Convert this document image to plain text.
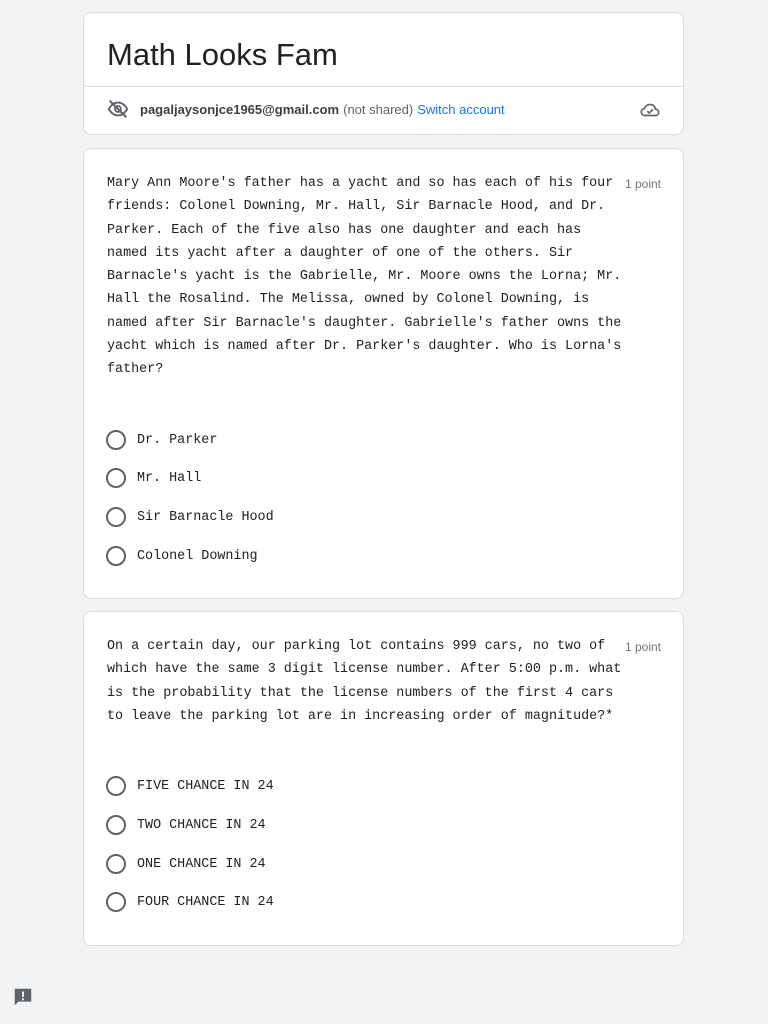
Math Looks Fam
pagaljaysonjce1965@gmail.com (not shared) Switch account
Mary Ann Moore's father has a yacht and so has each of his four friends: Colonel Downing, Mr. Hall, Sir Barnacle Hood, and Dr. Parker. Each of the five also has one daughter and each has named its yacht after a daughter of one of the others. Sir Barnacle's yacht is the Gabrielle, Mr. Moore owns the Lorna; Mr. Hall the Rosalind. The Melissa, owned by Colonel Downing, is named after Sir Barnacle's daughter. Gabrielle's father owns the yacht which is named after Dr. Parker's daughter. Who is Lorna's father?
1 point
Dr. Parker
Mr. Hall
Sir Barnacle Hood
Colonel Downing
On a certain day, our parking lot contains 999 cars, no two of which have the same 3 digit license number. After 5:00 p.m. what is the probability that the license numbers of the first 4 cars to leave the parking lot are in increasing order of magnitude?*
1 point
FIVE CHANCE IN 24
TWO CHANCE IN 24
ONE CHANCE IN 24
FOUR CHANCE IN 24
